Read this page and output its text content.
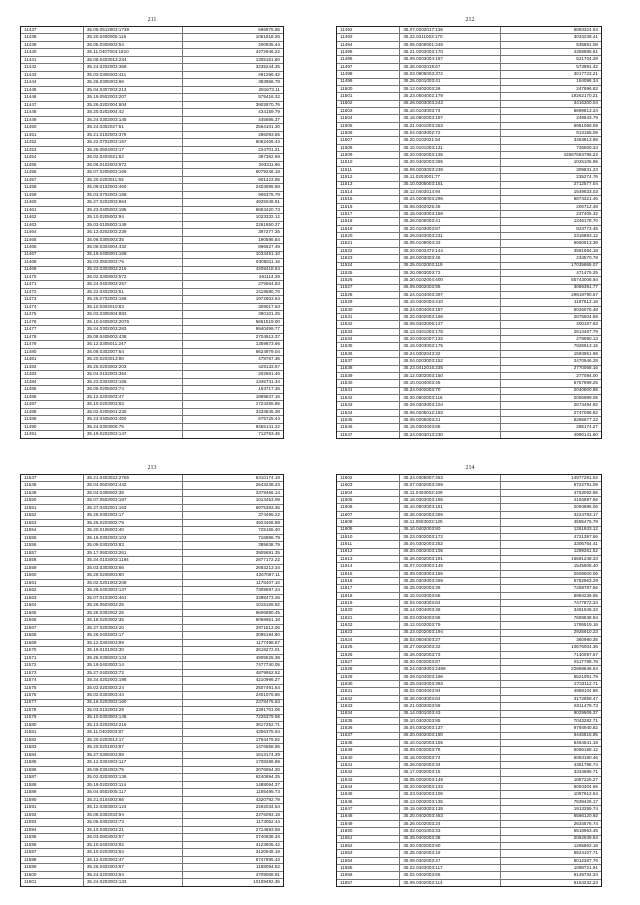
211
11437	35.09.0512903:1739	686975.65
11438	35.20.0400005:116	1061818.26
11439	35.05.0309003:54	200935.44
11440	35.11.0407004:1810	4472946.22
11441	35.08.0403013:234	1305151.60
11442	35.24.0202003:368	3235244.35
11443	35.03.0305003:411	491296.42
11444	35.26.0305003:66	383956.78
11445	35.04.0307003:213	281673.11
11446	35.19.0502003:207	575416.32
11447	35.26.0202004:604	3902870.76
11448	35.20.0202004:42	434159.79
11449	35.24.0302003:145	445895.37
11450	35.24.0302027:51	2564101.30
11451	35.21.0102003:379	286093.55
11452	35.22.0702003:167	6062406.43
11453	35.25.0504003:17	224701.21
11454	35.02.0403021:52	397362.59
11455	35.06.0102003:972	293311.66
11456	35.07.0205003:169	6079246.18
11457	35.20.0203011:93	901423.85
11458	35.09.0102003:460	2403595.88
11459	35.03.0702003:188	906376.79
11460	35.27.0202003:864	4925048.91
11461	35.23.0405003:195	6653420.73
11462	35.10.0205002:94	1023332.12
11463	35.03.0105003:149	2261650.27
11464	35.13.0202003:239	397277.35
11465	35.08.0305003:35	190586.84
11466	35.06.0304004:432	896627.49
11467	35.19.0405001:168	1034451.10
11468	35.03.0503003:76	6305811.16
11469	35.23.0303003:216	4209418.64
11470	35.02.0309003:572	261114.29
11471	35.24.0403003:257	275564.83
11472	35.22.0402003:51	3119580.76
11473	35.25.0702003:158	1972603.64
11474	35.10.0304010:63	309017.63
11475	35.03.0305004:883	390101.25
11476	35.10.0405003:2076	5661519.00
11477	35.24.0302003:283	9940499.77
11478	35.08.0405003:438	2704913.37
11479	35.12.0305011:247	1359873.66
11480	35.08.0302007:64	6624979.04
11481	35.20.0203013:80	478767.36
11482	35.25.0203002:203	429133.67
11483	35.04.0102003:354	202661.46
11484	35.23.0304003:165	1346741.34
11485	35.09.0205003:74	163717.36
11486	35.12.0203003:47	1999847.16
11487	35.10.0203003:63	1724265.85
11488	35.02.0205001:230	3433845.38
11489	35.23.0405003:450	675725.44
11490	35.24.0303006:75	9455141.22
11491	35.19.0202003:147	713763.45
212
11492	35.07.0202017:136	6893324.54
11493	35.22.0311003:170	3034238.41
11494	35.05.0309001:248	535861.08
11495	35.21.0203003:170	4359895.61
11496	35.09.0203004:167	621704.28
11497	35.26.0202019:67	573991.42
11498	35.03.0905003:372	3017723.21
11499	35.25.0201003:41	194096.34
11500	35.12.0402003:26	247696.82
11501	35.23.0504002:179	19262170.21
11502	35.26.0203003:243	3416300.04
11503	35.10.0103003:74	6699813.24
11504	35.18.0502003:197	249643.79
11505	35.21.0401003:263	6981068.09
11506	35.04.0303002:72	913155.09
11507	35.20.0102021:54	3463813.88
11508	35.10.0101003:131	726600.34
11509	35.20.0402003:135	43587594786.22
11510	35.20.0402003:265	1025105.96
11511	35.09.0203003:239	309831.23
11512	35.11.0203001:77	235274.76
11513	35.10.0305003:151	2712577.04
11514	35.12.0403014:94	1549633.03
11515	35.24.0206003:296	6874321.46
11516	35.08.0402025:45	206712.48
11517	35.15.0403003:168	237405.32
11518	35.26.0205003:41	1246178.70
11519	35.20.0103003:87	823773.45
11520	35.26.0403003:231	2316893.12
11521	35.05.0109004:33	6560913.36
11522	35.20.0203472:144	3581684.18
11523	35.26.0203003:46	234570.78
11524	35.25.0102003:119	17035865.07
11525	35.20.0503003:72	471475.25
11526	35.20.0102004:400	55743006.94
11527	35.09.0302003:95	3059391.77
11528	35.24.0104003:397	29819790.57
11529	35.10.0402004:410	1187612.16
11530	35.24.0304003:187	5026076.48
11531	35.20.0402003:168	2876504.89
11532	35.09.0403006:127	400167.63
11533	35.13.0401003:178	2614467.79
11534	35.20.0402007:132	279690.13
11535	35.15.0303003:175	7926913.15
11536	35.24.0302043:32	1593951.98
11537	35.04.0203003:152	2470946.28
11538	35.23.0412015:235	2770068.16
11539	35.12.0302003:150	277094.00
11540	35.10.0104003:45	6767999.25
11541	35.24.0402003:70	2040800.95
11542	35.20.0502003:116	2055999.05
11543	35.29.0303003:104	2674494.92
11544	35.06.0205012:193	2747086.62
11545	35.09.0205003:21	6266677.22
11546	35.15.0304003:65	285174.27
11547	35.24.0303013:230	4990141.60
213
11547	35.21.0403022:2765	6310174.19
11548	35.04.0503001:442	2643238.23
11549	35.04.0308002:36	3379456.14
11550	35.07.0503003:187	1013453.09
11551	35.27.0402001:163	6975383.35
11552	35.25.0302003:17	374495.22
11553	35.25.0203002:79	4923466.89
11554	35.20.0106003:40	725155.40
11555	35.16.0302003:103	716886.79
11556	35.09.0302003:83	385638.79
11557	35.17.0603003:261	3905691.35
11558	35.24.0103003:1194	2677172.22
11559	35.03.0303003:66	2693213.34
11560	35.26.0206003:80	4267067.11
11561	35.02.0201003:208	1176407.10
11562	35.26.0403003:137	7309597.24
11563	35.07.0103003:461	3398473.26
11564	35.26.0503003:25	1015169.82
11565	35.26.0302002:26	6606890.45
11566	35.18.0203002:35	6068951.18
11567	35.27.0203003:20	2971513.06
11568	35.26.0404003:17	3095194.60
11569	35.12.0304003:99	1177498.67
11570	35.19.0101003:30	2618272.01
11571	35.26.0306003:134	4905525.38
11572	35.19.0403003:14	7477740.05
11573	35.27.0402003:72	4879952.52
11574	35.24.0202003:198	4210996.27
11575	35.02.0203003:24	2507491.54
11576	35.02.0303003:44	2401076.86
11577	35.16.0203003:160	2378475.63
11578	35.03.0102003:29	2391701.06
11579	35.10.0303003:148	7226379.58
11580	35.13.0202003:216	3617252.71
11581	35.11.0403003:87	4306375.94
11582	35.20.0203013:17	1794479.92
11583	35.20.0201003:87	1476558.95
11584	35.27.0305003:88	1613174.29
11585	35.12.0304003:117	1708286.99
11586	35.09.0304003:75	2076954.30
11587	35.02.0203003:136	6240694.25
11588	35.19.0202003:114	1489064.37
11589	35.04.0502005:117	1165495.73
11590	35.21.0104003:66	4320792.79
11591	35.12.0303003:124	2292034.54
11592	35.08.0302033:94	2276093.18
11593	35.05.0302003:73	1173052.44
11594	35.10.0302003:21	2714893.59
11595	35.03.0903003:57	2740938.34
11596	35.10.0402003:92	4123605.42
11597	35.10.0203003:64	3120948.19
11598	35.12.0203003:47	6747895.43
11599	35.25.0402003:67	1198094.52
11600	35.24.0203003:94	4709068.91
11601	35.24.0203003:133	10109492.35
214
11602	35.24.0305007:453	14977291.52
11603	35.07.0302003:269	6722791.09
11604	35.11.0403003:109	4753092.86
11605	35.16.0303003:195	4194697.56
11606	35.10.0503003:161	2094895.06
11607	35.26.0302003:266	3224793.17
11608	35.11.0503003:125	4595475.79
11609	35.10.0402003:80	1261933.12
11610	35.23.0302003:172	4721397.56
11611	35.04.0302003:252	3305764.41
11612	35.20.0302003:105	1299261.52
11613	35.26.0202003:191	16591248.33
11614	35.07.0103003:145	1545905.40
11615	35.09.0303003:165	2609600.06
11616	35.25.0303003:269	5782963.29
11617	35.25.0302003:39	7259787.56
11618	35.10.0103003:65	6994236.65
11619	35.04.0203003:64	7477872.34
11620	35.14.0304003:46	3461945.22
11621	35.03.0304003:86	7669638.94
11622	35.12.0102003:79	1795519.16
11623	35.23.0202003:194	2925910.23
11624	35.03.0504003:27	360990.35
11625	35.27.0202003:32	10676004.36
11626	35.26.0302003:73	7140097.57
11627	35.20.0302003:87	9117798.78
11628	35.24.0303003:2499	22869846.54
11629	35.29.0104003:196	8521091.79
11630	35.25.0403003:393	2733112.71
11631	35.02.0304003:94	4958104.86
11632	35.26.0303003:64	3172659.47
11633	35.21.0302003:58	6011478.73
11634	35.14.0301003:43	9029909.37
11635	35.10.0402003:85	7043282.71
11636	35.04.0302003:137	9794940.82
11637	35.20.0402003:180	6445816.95
11638	35.10.0102003:155	6464541.19
11639	35.09.0302003:76	5066188.12
11640	35.16.0202003:74	6063190.46
11641	35.26.0202003:34	4361796.74
11642	35.17.0302003:15	3334695.71
11643	35.05.0202003:149	1657225.27
11644	35.20.0202003:133	6094304.65
11645	35.23.0402003:106	1097912.54
11646	35.13.0202003:135	7539426.17
11647	35.15.0403003:135	1913359.74
11648	35.20.0402003:463	6566120.92
11649	35.26.0102003:24	2634576.74
11650	35.02.0201003:33	5518963.45
11651	35.25.0402003:38	2062639.84
11652	35.20.0302003:90	1265862.16
11653	35.25.0302003:19	8524107.71
11654	35.09.0402003:47	8012367.76
11655	35.22.0403003:117	1098721.91
11656	35.02.0402003:66	6149734.34
11657	35.09.0402003:114	6154232.23
